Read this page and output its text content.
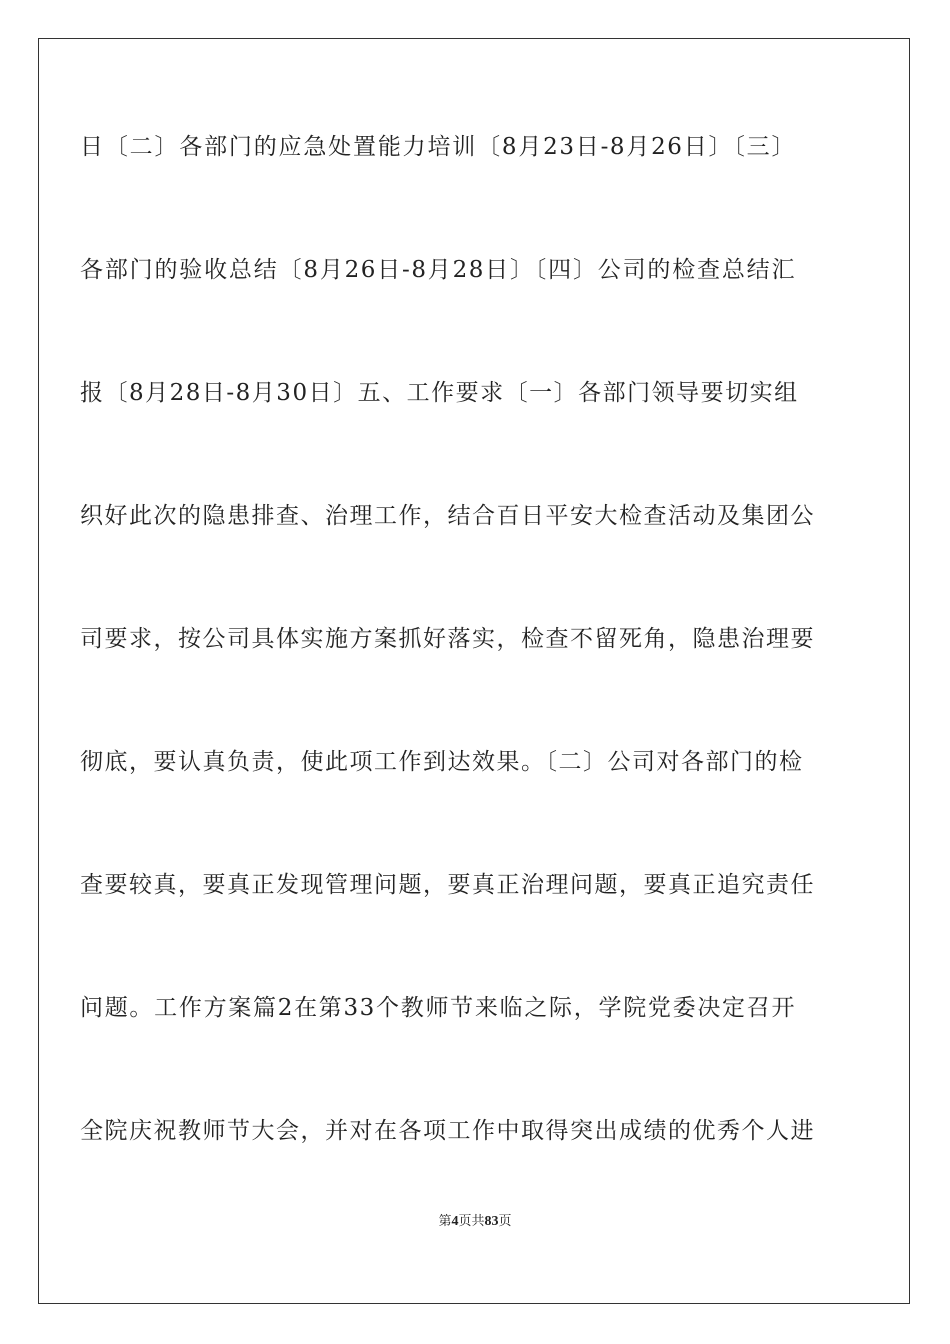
日〔二〕各部门的应急处置能力培训〔8月23日-8月26日〕〔三〕
各部门的验收总结〔8月26日-8月28日〕〔四〕公司的检查总结汇
报〔8月28日-8月30日〕五、工作要求〔一〕各部门领导要切实组
织好此次的隐患排查、治理工作，结合百日平安大检查活动及集团公
司要求，按公司具体实施方案抓好落实，检查不留死角，隐患治理要
彻底，要认真负责，使此项工作到达效果。〔二〕公司对各部门的检
查要较真，要真正发现管理问题，要真正治理问题，要真正追究责任
问题。工作方案篇2在第33个教师节来临之际，学院党委决定召开
全院庆祝教师节大会，并对在各项工作中取得突出成绩的优秀个人进
第4页共83页
